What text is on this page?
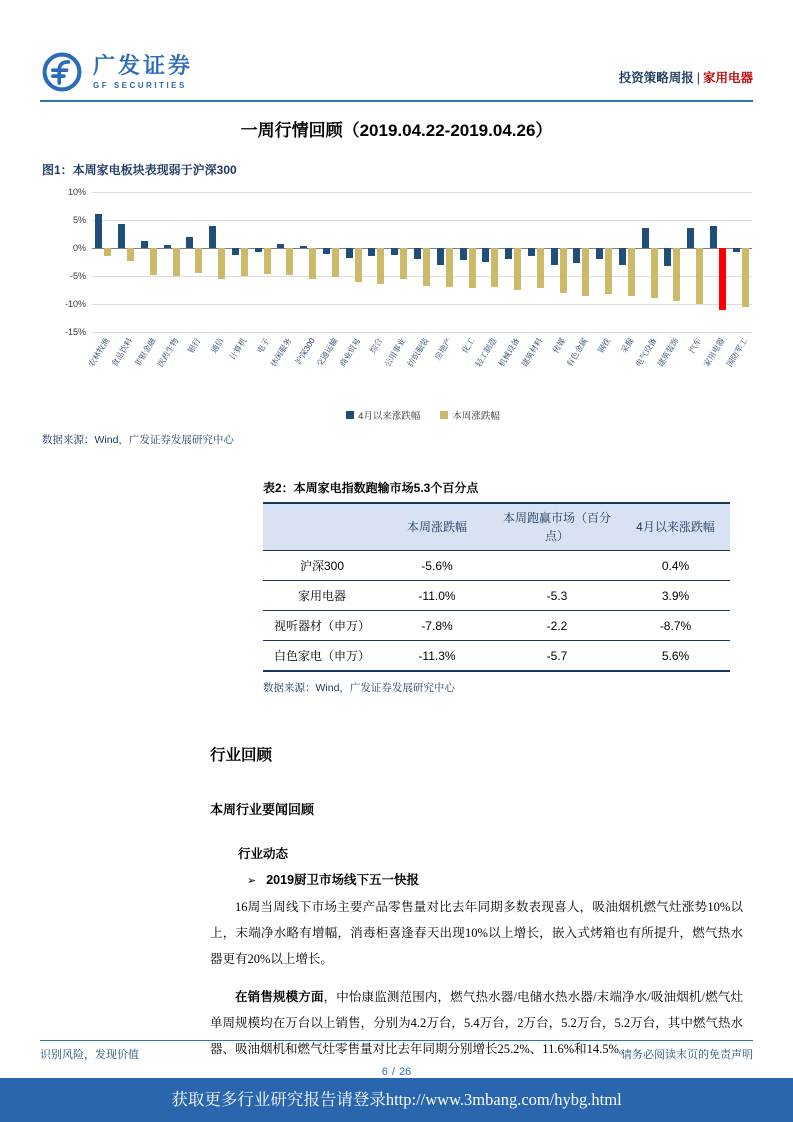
广发证券
GF SECURITIES	投资策略周报 | 家用电器
一周行情回顾（2019.04.22-2019.04.26）
图1：本周家电板块表现弱于沪深300
10%
5%
0%
-5%
-10%
-15%
农林牧渔
食品饮料
非银金融
医药生物 银行 通信 计算机 电子
休闲服务 沪深300
交通运输
商业贸易 综合
公用事业
纺织服装 房地产 化工
轻工制造
机械设备
建筑材料 传媒
有色金属 钢铁 采掘
电气设备
建筑装饰 汽车
家用电器
国防军工
4月以来涨跌幅	本周涨跌幅
数据来源：Wind，广发证券发展研究中心
表2：本周家电指数跑输市场5.3个百分点
	本周涨跌幅	本周跑赢市场（百分点）	4月以来涨跌幅
沪深300	-5.6%		0.4%
家用电器	-11.0%	-5.3	3.9%
视听器材（申万）	-7.8%	-2.2	-8.7%
白色家电（申万）	-11.3%	-5.7	5.6%
数据来源：Wind，广发证券发展研究中心
行业回顾
本周行业要闻回顾
行业动态
➢ 2019厨卫市场线下五一快报

16周当周线下市场主要产品零售量对比去年同期多数表现喜人，吸油烟机燃气灶涨势10%以上，末端净水略有增幅，消毒柜喜逢春天出现10%以上增长，嵌入式烤箱也有所提升，燃气热水器更有20%以上增长。

在销售规模方面，中怡康监测范围内，燃气热水器/电储水热水器/末端净水/吸油烟机/燃气灶单周规模均在万台以上销售，分别为4.2万台，5.4万台，2万台，5.2万台，5.2万台，其中燃气热水器、吸油烟机和燃气灶零售量对比去年同期分别增长25.2%、11.6%和14.5%。

识别风险，发现价值	请务必阅读末页的免责声明
6 / 26
获取更多行业研究报告请登录http://www.3mbang.com/hybg.html
